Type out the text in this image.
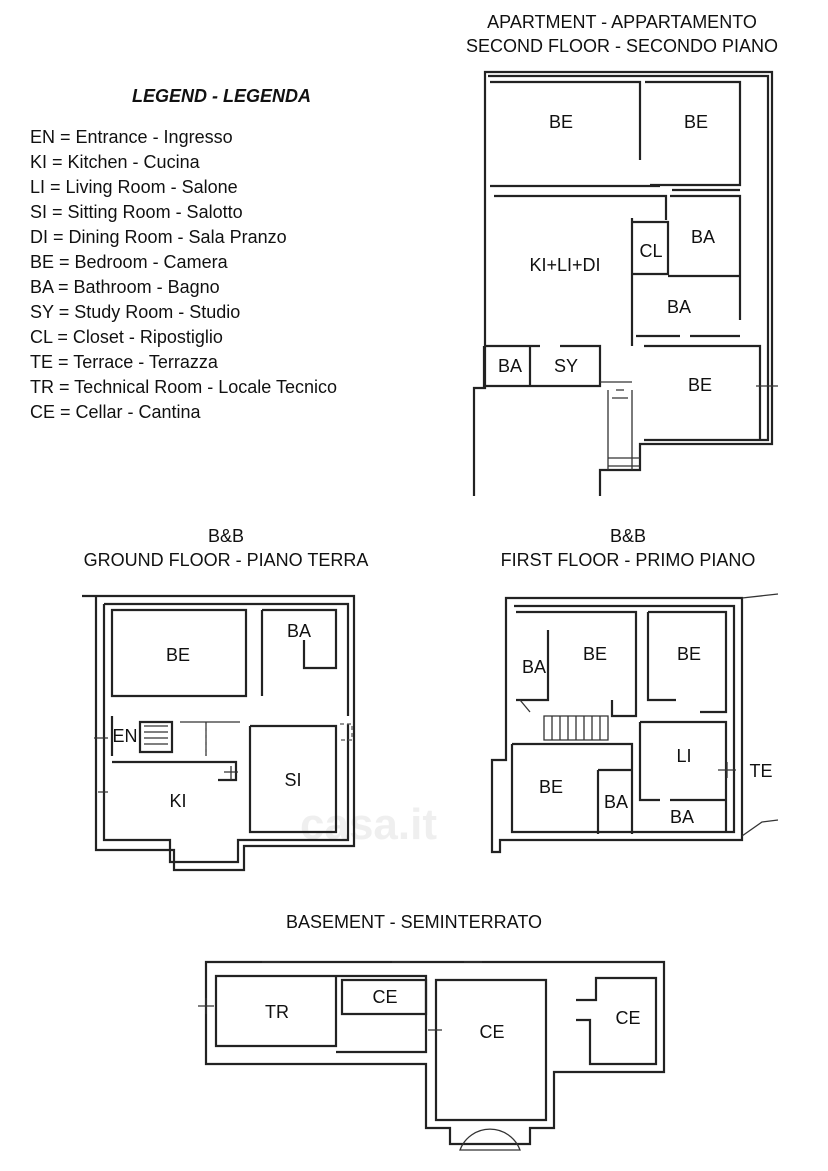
LEGEND - LEGENDA
EN = Entrance - Ingresso
KI = Kitchen - Cucina
LI = Living Room - Salone
SI = Sitting Room - Salotto
DI = Dining Room - Sala Pranzo
BE = Bedroom - Camera
BA = Bathroom - Bagno
SY = Study Room - Studio
CL = Closet - Ripostiglio
TE = Terrace - Terrazza
TR = Technical Room - Locale Tecnico
CE = Cellar - Cantina
APARTMENT - APPARTAMENTO
SECOND FLOOR - SECONDO PIANO
B&B
GROUND FLOOR - PIANO TERRA
B&B
FIRST FLOOR - PRIMO PIANO
BASEMENT - SEMINTERRATO
casa.it
BE	BE
KI+LI+DI
CL
BA
BA
BA SY
BE
BE
BA
EN
KI
SI
BA
BE	BE
LI
TE
BE
BA
BA
TR
CE
CE
CE
